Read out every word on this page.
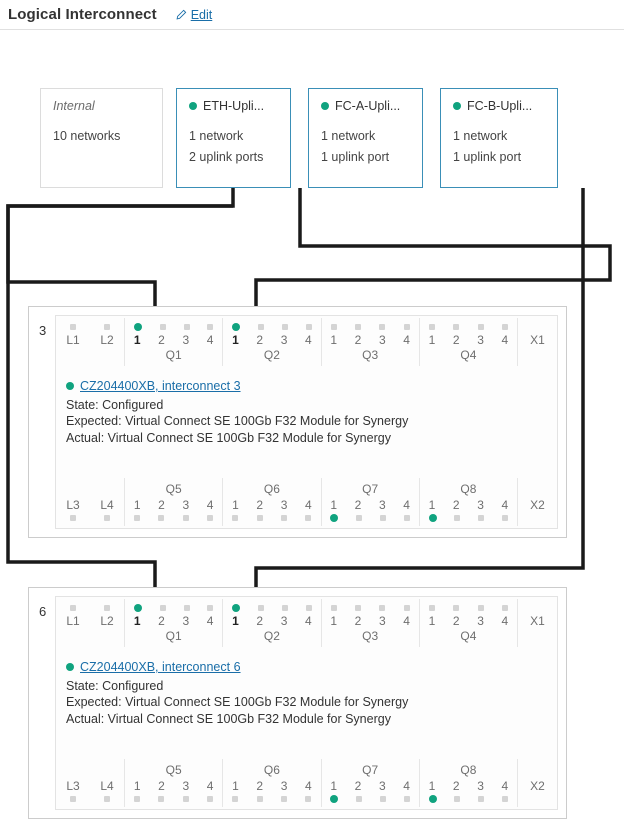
Logical Interconnect	Edit
Internal
10 networks
ETH-Upli...
1 network
2 uplink ports
FC-A-Upli...
1 network
1 uplink port
FC-B-Upli...
1 network
1 uplink port
3
L1 L2 1 2 3 4
Q1
1 2 3 4
Q2
1 2 3 4
Q3
1 2 3 4
Q4
X1
CZ204400XB, interconnect 3
State: Configured
Expected: Virtual Connect SE 100Gb F32 Module for Synergy
Actual: Virtual Connect SE 100Gb F32 Module for Synergy
L3 L4
Q5
1 2 3 4
Q6
1 2 3 4
Q7
1 2 3 4
Q8
1 2 3 4 X2
6
L1 L2 1 2 3 4
Q1
1 2 3 4
Q2
1 2 3 4
Q3
1 2 3 4
Q4
X1
CZ204400XB, interconnect 6
State: Configured
Expected: Virtual Connect SE 100Gb F32 Module for Synergy
Actual: Virtual Connect SE 100Gb F32 Module for Synergy
L3 L4
Q5
1 2 3 4
Q6
1 2 3 4
Q7
1 2 3 4
Q8
1 2 3 4 X2
